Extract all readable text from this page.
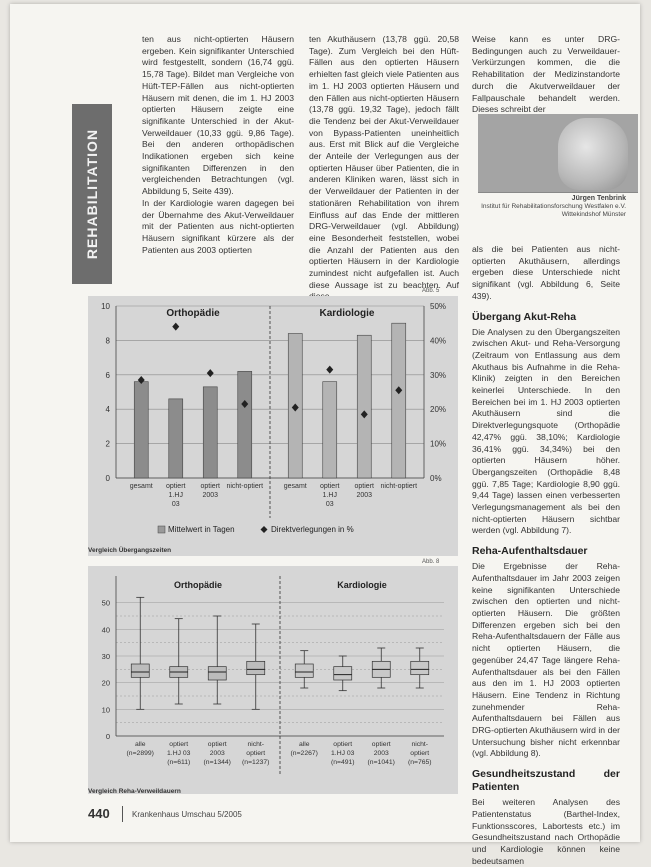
REHABILITATION

ten aus nicht-optierten Häusern ergeben. Kein signifikanter Unterschied wird festgestellt, sondern (16,74 ggü. 15,78 Tage). Bildet man Vergleiche von Hüft-TEP-Fällen aus nicht-optierten Häusern mit denen, die im 1. HJ 2003 optierten Häusern zeigte eine signifikante Unterschied in der Akut-Verweildauer (10,33 ggü. 9,86 Tage). Bei den anderen orthopädischen Indikationen ergeben sich keine signifikanten Differenzen in den vergleichenden Betrachtungen (vgl. Abbildung 5, Seite 439).

In der Kardiologie waren dagegen bei der Übernahme des Akut-Verweildauer mit der Patienten aus nicht-optierten Häusern signifikant kürzere als der Patienten aus 2003 optierten

ten Akuthäusern (13,78 ggü. 20,58 Tage). Zum Vergleich bei den Hüft-Fällen aus den optierten Häusern erhielten fast gleich viele Patienten aus im 1. HJ 2003 optierten Häusern und den Fällen aus nicht-optierten Häusern (13,78 ggü. 19,32 Tage), jedoch fällt die Tendenz bei der Akut-Verweildauer von Bypass-Patienten uneinheitlich aus. Erst mit Blick auf die Vergleiche der Anteile der Verlegungen aus der optierten Häuser über Patienten, die in anderen Kliniken waren, lässt sich in der Verweildauer der Patienten in der stationären Rehabilitation von ihrem Einfluss auf das Ende der mittleren DRG-Verweildauer (vgl. Abbildung) eine Besonderheit feststellen, wobei die Anzahl der Patienten aus den optierten Häusern in der Kardiologie zumindest nicht aufgefallen ist. Auch diese Aussage ist zu beachten. Auf

Weise kann es unter DRG-Bedingungen auch zu Verweildauer-Verkürzungen kommen, die die Rehabilitation der Medizinstandorte durch die Akutverweildauer der Fallpauschale behandelt werden. Dieses schreibt der

Jürgen Tenbrink
Institut für Rehabilitationsforschung Westfalen e.V. Wittekindshof Münster

als die bei Patienten aus nicht-optierten Akuthäusern, allerdings ergeben diese Unterschiede nicht signifikant (vgl. Abbildung 6, Seite 439).

Übergang Akut-Reha

Die Analysen zu den Übergangszeiten zwischen Akut- und Reha-Versorgung (Zeitraum von Entlassung aus dem Akuthaus bis Aufnahme in die Reha-Klinik) zeigten in den Bereichen keinerlei Unterschiede. In den Bereichen bei im 1. HJ 2003 optierten Akuthäusern sind die Direktverlegungsquote (Orthopädie 42,47% ggü. 38,10%; Kardiologie 36,41% ggü. 34,34%) bei den optierten Häusern höher. Übergangszeiten (Orthopädie 8,48 ggü. 7,85 Tage; Kardiologie 8,90 ggü. 9,44 Tage) lassen einen verbesserten Verlegungsmanagement als bei den nicht-optierten Häusern sichtbar werden (vgl. Abbildung 7).

Reha-Aufenthaltsdauer

Die Ergebnisse der Reha-Aufenthaltsdauer im Jahr 2003 zeigen keine signifikanten Unterschiede zwischen den optierten und nicht-optierten Häusern. Die größten Differenzen ergeben sich bei den Reha-Aufenthaltsdauern der Fälle aus nicht optierten Häusern, die gegenüber 24,47 Tage längere Reha-Aufenthaltsdauer als bei den Fällen aus den im 1. HJ 2003 optierten Häusern. Eine Tendenz in Richtung zunehmender Reha-Aufenthaltsdauern bei Fällen aus DRG-optierten Akuthäusern wird in der Untersuchung bisher nicht erkennbar (vgl. Abbildung 8).

Gesundheitszustand der Patienten

Bei weiteren Analysen des Patientenstatus (Barthel-Index, Funktionsscores, Labortests etc.) im Gesundheitszustand nach Orthopädie und Kardiologie können keine bedeutsamen

0
2
4
6
8
10
0%
10%
20%
30%
40%
50%
Orthopädie
gesamt optiert
1.HJ
03
optiert
2003
nicht-optiert
Kardiologie
gesamt optiert
1.HJ
03
optiert
2003
nicht-optiert
Mittelwert in Tagen	Direktverlegungen in %
Abb. 5
Vergleich Übergangszeiten
0
10
20
30
40
50
Orthopädie
alle
(n=2899)
optiert
1.HJ 03
(n=611)
optiert
2003
(n=1344)
nicht-
optiert
(n=1237)
Kardiologie
alle
(n=2267)
optiert
1.HJ 03
(n=491)
optiert
2003
(n=1041)
nicht-
optiert
(n=765)
Abb. 8
Vergleich Reha-Verweildauern
440	Krankenhaus Umschau 5/2005
